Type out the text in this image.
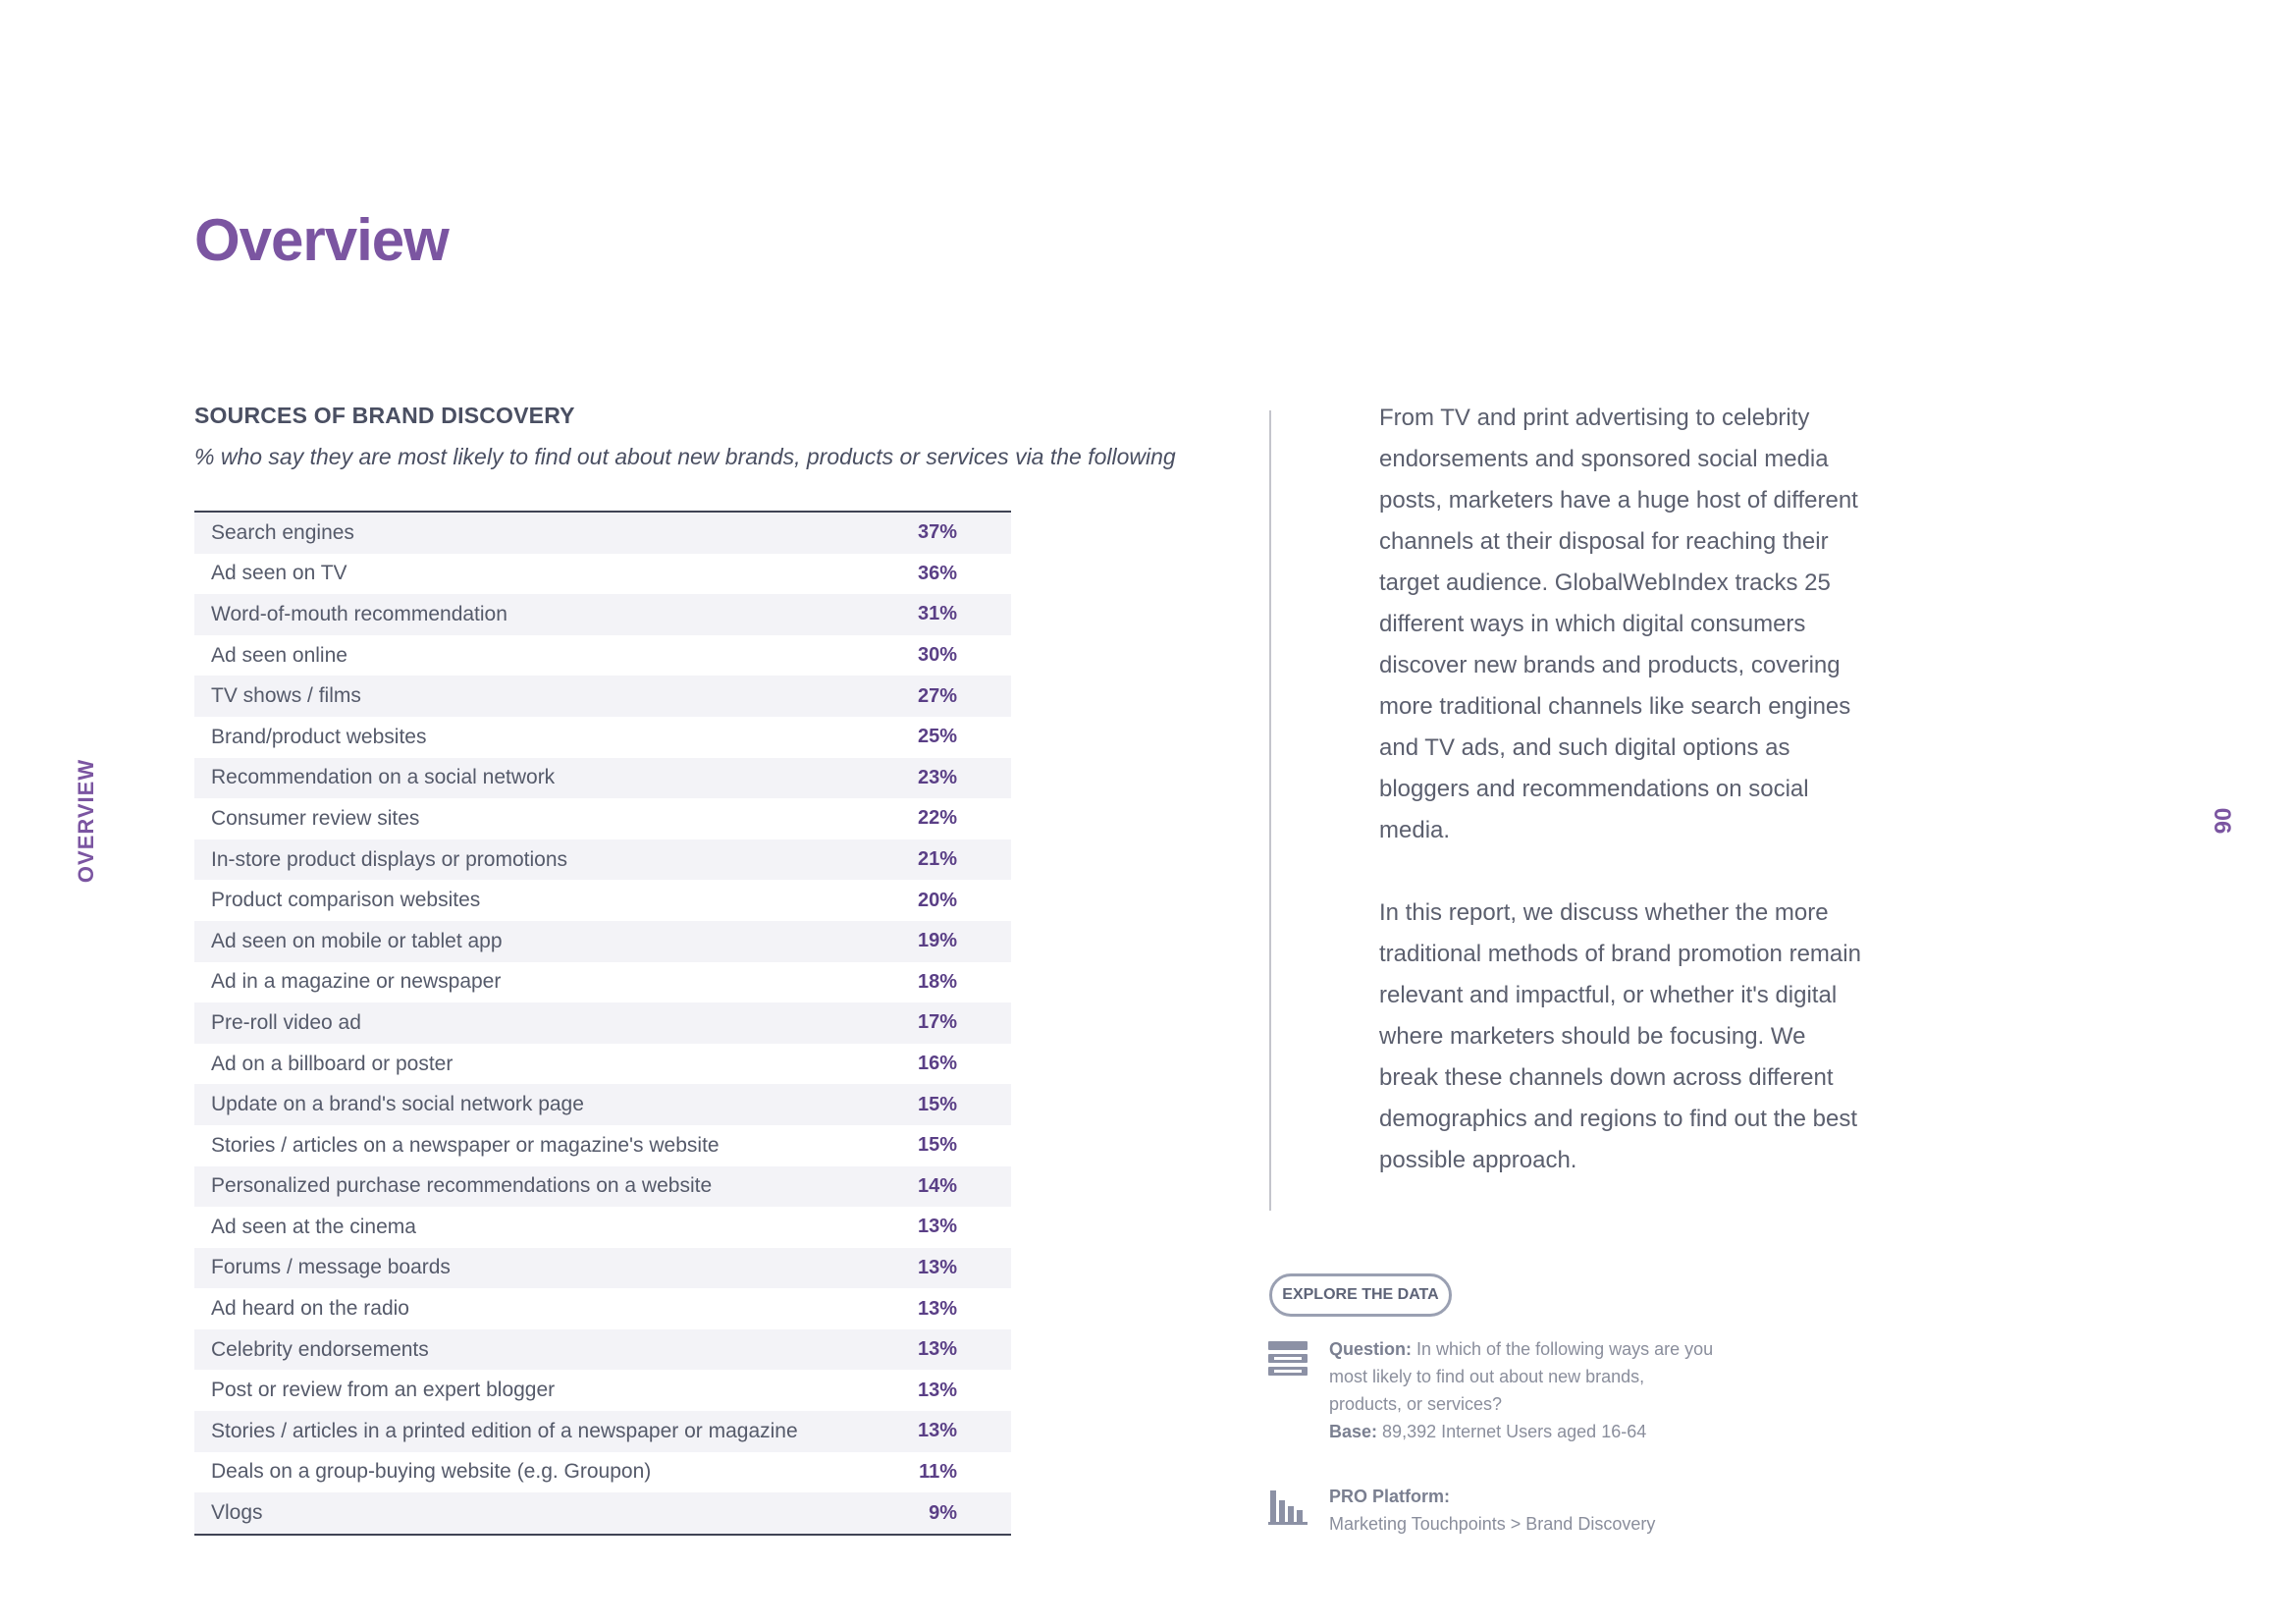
Overview
OVERVIEW	06
SOURCES OF BRAND DISCOVERY
% who say they are most likely to find out about new brands, products or services via the following
Search engines	37%
Ad seen on TV	36%
Word-of-mouth recommendation	31%
Ad seen online	30%
TV shows / films	27%
Brand/product websites	25%
Recommendation on a social network	23%
Consumer review sites	22%
In-store product displays or promotions	21%
Product comparison websites	20%
Ad seen on mobile or tablet app	19%
Ad in a magazine or newspaper	18%
Pre-roll video ad	17%
Ad on a billboard or poster	16%
Update on a brand's social network page	15%
Stories / articles on a newspaper or magazine's website	15%
Personalized purchase recommendations on a website	14%
Ad seen at the cinema	13%
Forums / message boards	13%
Ad heard on the radio	13%
Celebrity endorsements	13%
Post or review from an expert blogger	13%
Stories / articles in a printed edition of a newspaper or magazine	13%
Deals on a group-buying website (e.g. Groupon)	11%
Vlogs	9%

From TV and print advertising to celebrity endorsements and sponsored social media posts, marketers have a huge host of different channels at their disposal for reaching their target audience. GlobalWebIndex tracks 25 different ways in which digital consumers discover new brands and products, covering more traditional channels like search engines and TV ads, and such digital options as bloggers and recommendations on social media.

In this report, we discuss whether the more traditional methods of brand promotion remain relevant and impactful, or whether it's digital where marketers should be focusing. We break these channels down across different demographics and regions to find out the best possible approach.

EXPLORE THE DATA
Question: In which of the following ways are you most likely to find out about new brands, products, or services?
Base: 89,392 Internet Users aged 16-64
PRO Platform:
Marketing Touchpoints > Brand Discovery
